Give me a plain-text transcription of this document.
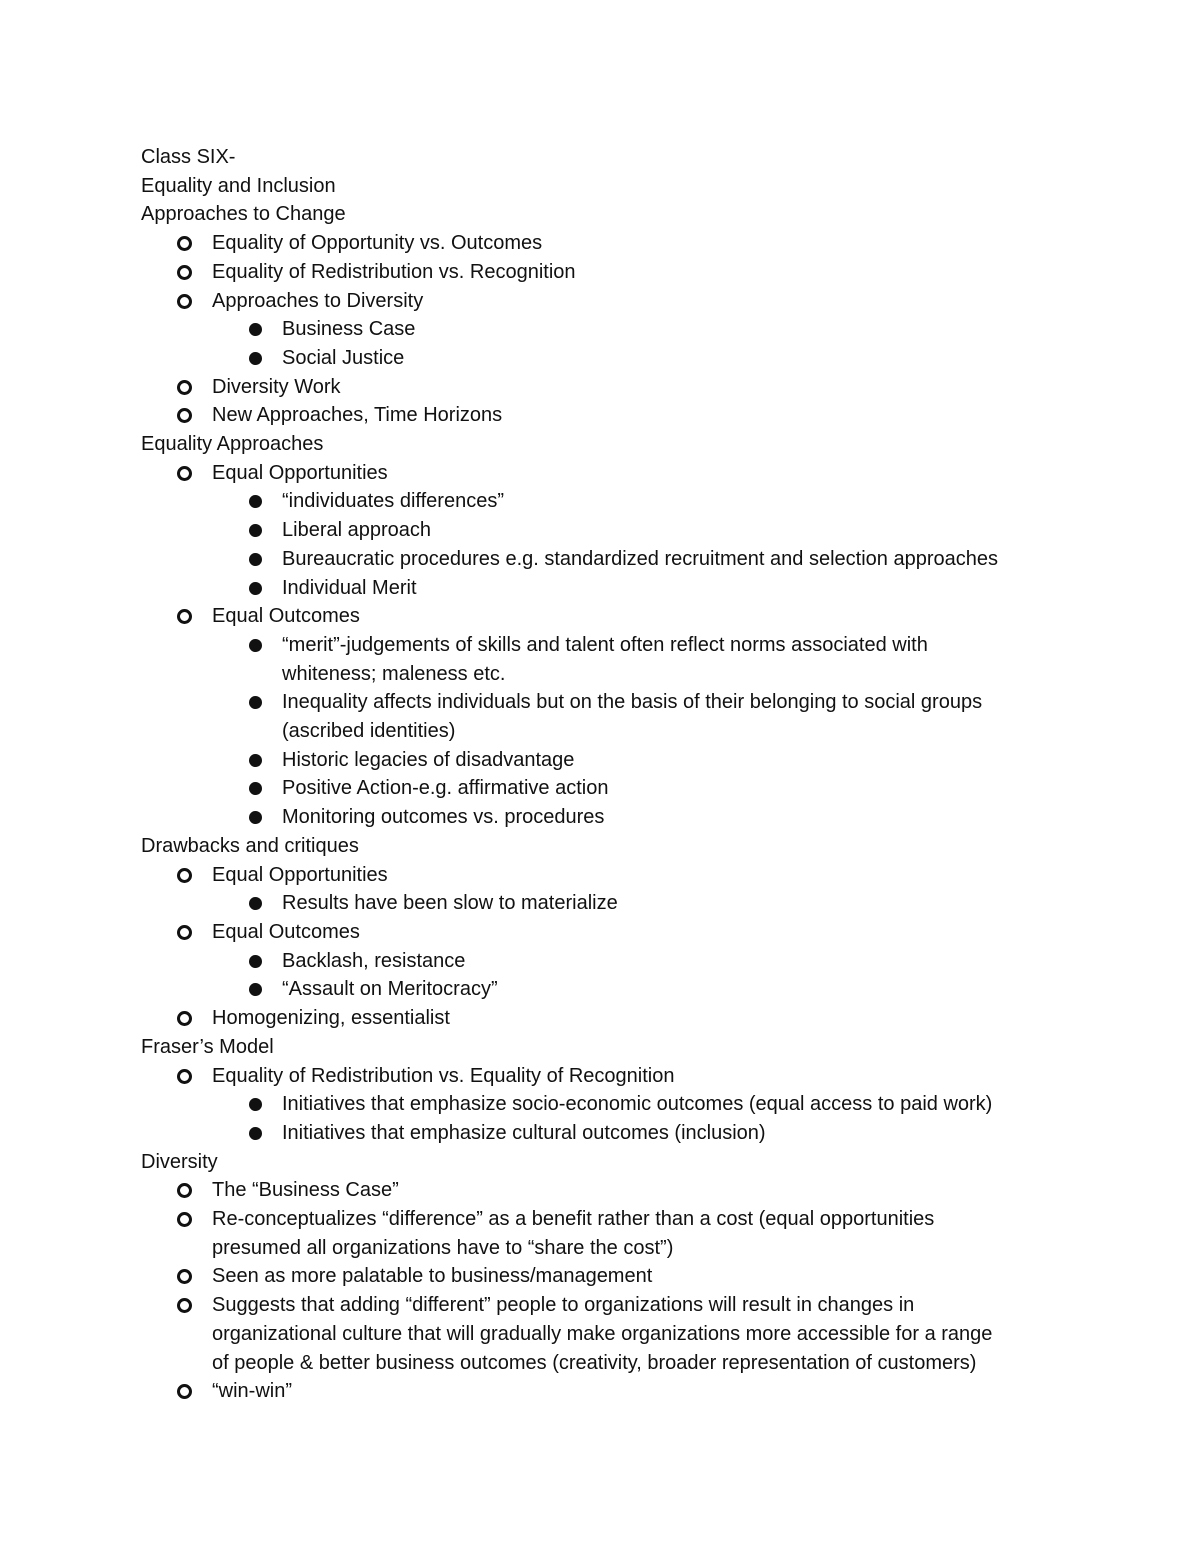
Class SIX-
Equality and Inclusion
Approaches to Change
Equality of Opportunity vs. Outcomes
Equality of Redistribution vs. Recognition
Approaches to Diversity
Business Case
Social Justice
Diversity Work
New Approaches, Time Horizons
Equality Approaches
Equal Opportunities
“individuates differences”
Liberal approach
Bureaucratic procedures e.g. standardized recruitment and selection approaches
Individual Merit
Equal Outcomes
“merit”-judgements of skills and talent often reflect norms associated with
whiteness; maleness etc.
Inequality affects individuals but on the basis of their belonging to social groups
(ascribed identities)
Historic legacies of disadvantage
Positive Action-e.g. affirmative action
Monitoring outcomes vs. procedures
Drawbacks and critiques
Equal Opportunities
Results have been slow to materialize
Equal Outcomes
Backlash, resistance
“Assault on Meritocracy”
Homogenizing, essentialist
Fraser’s Model
Equality of Redistribution vs. Equality of Recognition
Initiatives that emphasize socio-economic outcomes (equal access to paid work)
Initiatives that emphasize cultural outcomes (inclusion)
Diversity
The “Business Case”
Re-conceptualizes “difference” as a benefit rather than a cost (equal opportunities
presumed all organizations have to “share the cost”)
Seen as more palatable to business/management
Suggests that adding “different” people to organizations will result in changes in
organizational culture that will gradually make organizations more accessible for a range
of people & better business outcomes (creativity, broader representation of customers)
“win-win”
